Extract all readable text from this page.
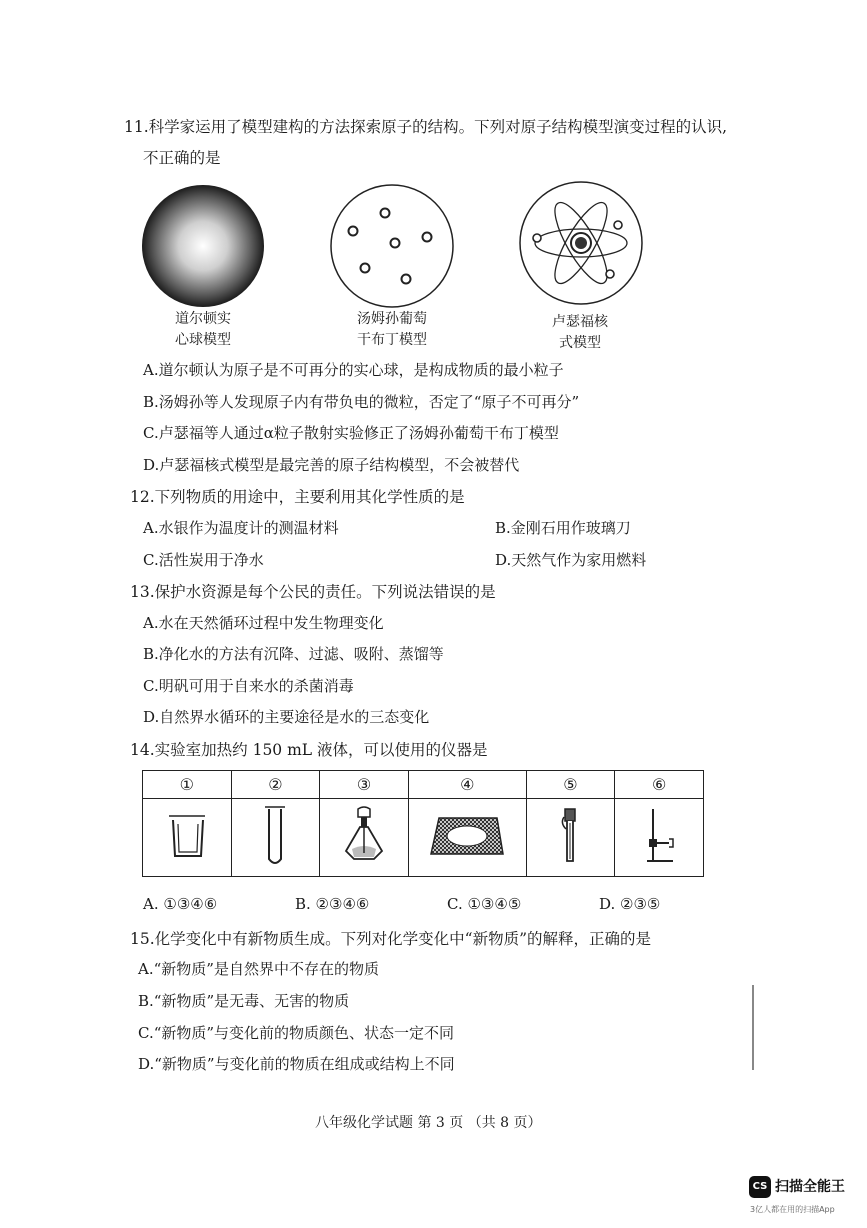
11.科学家运用了模型建构的方法探索原子的结构。下列对原子结构模型演变过程的认识,
不正确的是
道尔顿实
心球模型
汤姆孙葡萄
干布丁模型
卢瑟福核
式模型
A.道尔顿认为原子是不可再分的实心球，是构成物质的最小粒子
B.汤姆孙等人发现原子内有带负电的微粒，否定了“原子不可再分”
C.卢瑟福等人通过α粒子散射实验修正了汤姆孙葡萄干布丁模型
D.卢瑟福核式模型是最完善的原子结构模型，不会被替代
12.下列物质的用途中，主要利用其化学性质的是
A.水银作为温度计的测温材料	B.金刚石用作玻璃刀
C.活性炭用于净水	D.天然气作为家用燃料
13.保护水资源是每个公民的责任。下列说法错误的是
A.水在天然循环过程中发生物理变化
B.净化水的方法有沉降、过滤、吸附、蒸馏等
C.明矾可用于自来水的杀菌消毒
D.自然界水循环的主要途径是水的三态变化
14.实验室加热约 150 mL 液体，可以使用的仪器是
①	②	③	④	⑤	⑥

A. ①③④⑥	B. ②③④⑥	C. ①③④⑤	D. ②③⑤
15.化学变化中有新物质生成。下列对化学变化中“新物质”的解释，正确的是
A.“新物质”是自然界中不存在的物质
B.“新物质”是无毒、无害的物质
C.“新物质”与变化前的物质颜色、状态一定不同
D.“新物质”与变化前的物质在组成或结构上不同
八年级化学试题 第 3 页 （共 8 页）
CS 扫描全能王
3亿人都在用的扫描App
